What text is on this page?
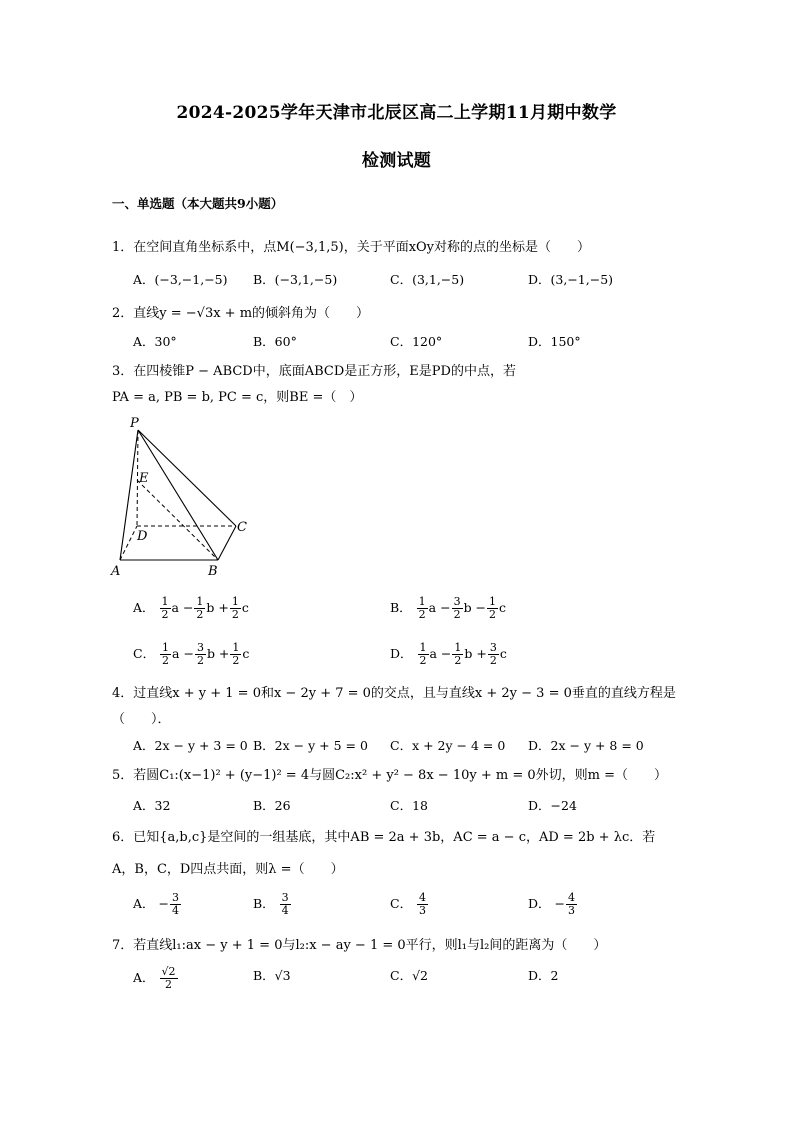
2024-2025学年天津市北辰区高二上学期11月期中数学
检测试题
一、单选题（本大题共9小题）
1．在空间直角坐标系中，点M(−3,1,5)，关于平面xOy对称的点的坐标是（　　）
A．(−3,−1,−5) B．(−3,1,−5)	C．(3,1,−5)	D．(3,−1,−5)
2．直线y = −√3x + m的倾斜角为（　　）
A．30°	B．60°	C．120°	D．150°
3．在四棱锥P − ABCD中，底面ABCD是正方形，E是PD的中点，若
PA = a, PB = b, PC = c，则BE =（　）
P
E
D
C
A	B
A． $\frac{1}{2}$ $a - \frac{1}{2}$ $b + \frac{1}{2}$ c	B． $\frac{1}{2}$ $a - \frac{3}{2}$ $b - \frac{1}{2}$ c
C． $\frac{1}{2}$ $a - \frac{3}{2}$ $b + \frac{1}{2}$ c	D． $\frac{1}{2}$ $a - \frac{1}{2}$ $b + \frac{3}{2}$ c
4．过直线x + y + 1 = 0和x − 2y + 7 = 0的交点，且与直线x + 2y − 3 = 0垂直的直线方程是
（　　）．
A．2x − y + 3 = 0 B．2x − y + 5 = 0 C．x + 2y − 4 = 0 D．2x − y + 8 = 0
5．若圆C₁:(x−1)² + (y−1)² = 4与圆C₂:x² + y² − 8x − 10y + m = 0外切，则m =（　　）
A．32	B．26	C．18	D．−24
6．已知{a,b,c}是空间的一组基底，其中AB = 2a + 3b，AC = a − c，AD = 2b + λc．若
A，B，C，D四点共面，则λ =（　　）
A． − $\frac{3}{4}$	B． $\frac{3}{4}$	C． $\frac{4}{3}$	D． − $\frac{4}{3}$
7．若直线l₁:ax − y + 1 = 0与l₂:x − ay − 1 = 0平行，则l₁与l₂间的距离为（　　）
A． $\frac{√2}{2}$	B．√3	C．√2	D．2
